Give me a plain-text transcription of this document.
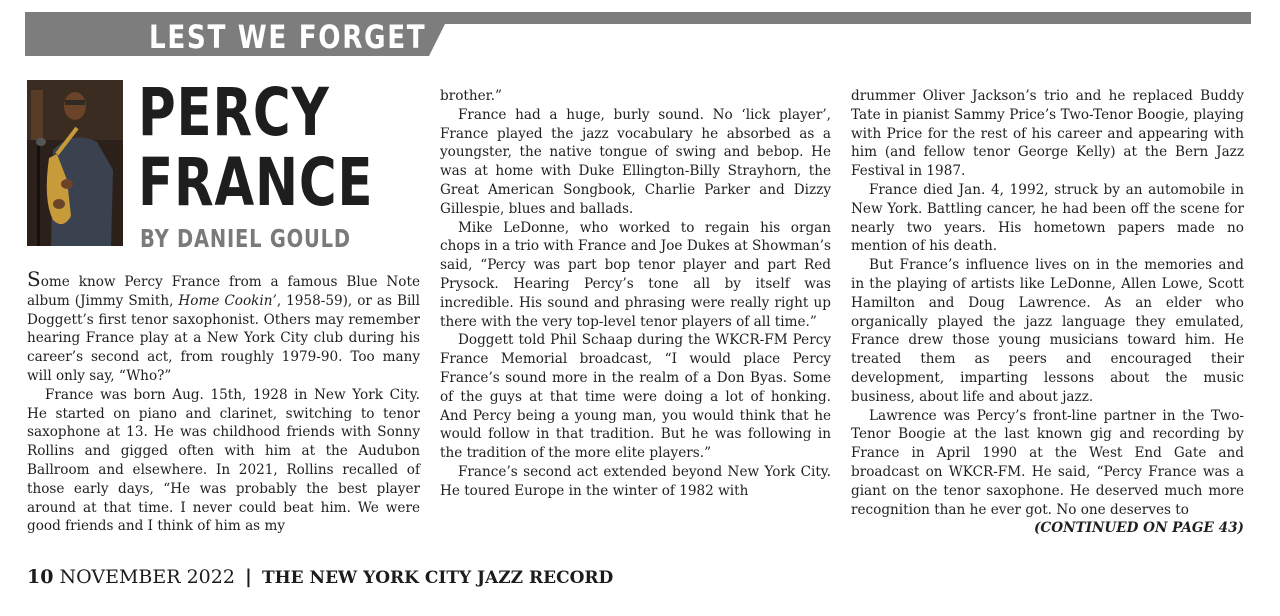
LEST WE FORGET
PERCY
FRANCE
BY DANIEL GOULD

Some know Percy France from a famous Blue Note album (Jimmy Smith, Home Cookin’, 1958-59), or as Bill Doggett’s first tenor saxophonist. Others may remember hearing France play at a New York City club during his career’s second act, from roughly 1979-90. Too many will only say, “Who?”

France was born Aug. 15th, 1928 in New York City. He started on piano and clarinet, switching to tenor saxophone at 13. He was childhood friends with Sonny Rollins and gigged often with him at the Audubon Ballroom and elsewhere. In 2021, Rollins recalled of those early days, “He was probably the best player around at that time. I never could beat him. We were good friends and I think of him as my

brother.”

France had a huge, burly sound. No ‘lick player’, France played the jazz vocabulary he absorbed as a youngster, the native tongue of swing and bebop. He was at home with Duke Ellington-Billy Strayhorn, the Great American Songbook, Charlie Parker and Dizzy Gillespie, blues and ballads.

Mike LeDonne, who worked to regain his organ chops in a trio with France and Joe Dukes at Showman’s said, “Percy was part bop tenor player and part Red Prysock. Hearing Percy’s tone all by itself was incredible. His sound and phrasing were really right up there with the very top-level tenor players of all time.”

Doggett told Phil Schaap during the WKCR-FM Percy France Memorial broadcast, “I would place Percy France’s sound more in the realm of a Don Byas. Some of the guys at that time were doing a lot of honking. And Percy being a young man, you would think that he would follow in that tradition. But he was following in the tradition of the more elite players.”

France’s second act extended beyond New York City. He toured Europe in the winter of 1982 with

drummer Oliver Jackson’s trio and he replaced Buddy Tate in pianist Sammy Price’s Two-Tenor Boogie, playing with Price for the rest of his career and appearing with him (and fellow tenor George Kelly) at the Bern Jazz Festival in 1987.

France died Jan. 4, 1992, struck by an automobile in New York. Battling cancer, he had been off the scene for nearly two years. His hometown papers made no mention of his death.

But France’s influence lives on in the memories and in the playing of artists like LeDonne, Allen Lowe, Scott Hamilton and Doug Lawrence. As an elder who organically played the jazz language they emulated, France drew those young musicians toward him. He treated them as peers and encouraged their development, imparting lessons about the music business, about life and about jazz.

Lawrence was Percy’s front-line partner in the Two-Tenor Boogie at the last known gig and recording by France in April 1990 at the West End Gate and broadcast on WKCR-FM. He said, “Percy France was a giant on the tenor saxophone. He deserved much more recognition than he ever got. No one deserves to

(CONTINUED ON PAGE 43)

10 NOVEMBER 2022 | THE NEW YORK CITY JAZZ RECORD
